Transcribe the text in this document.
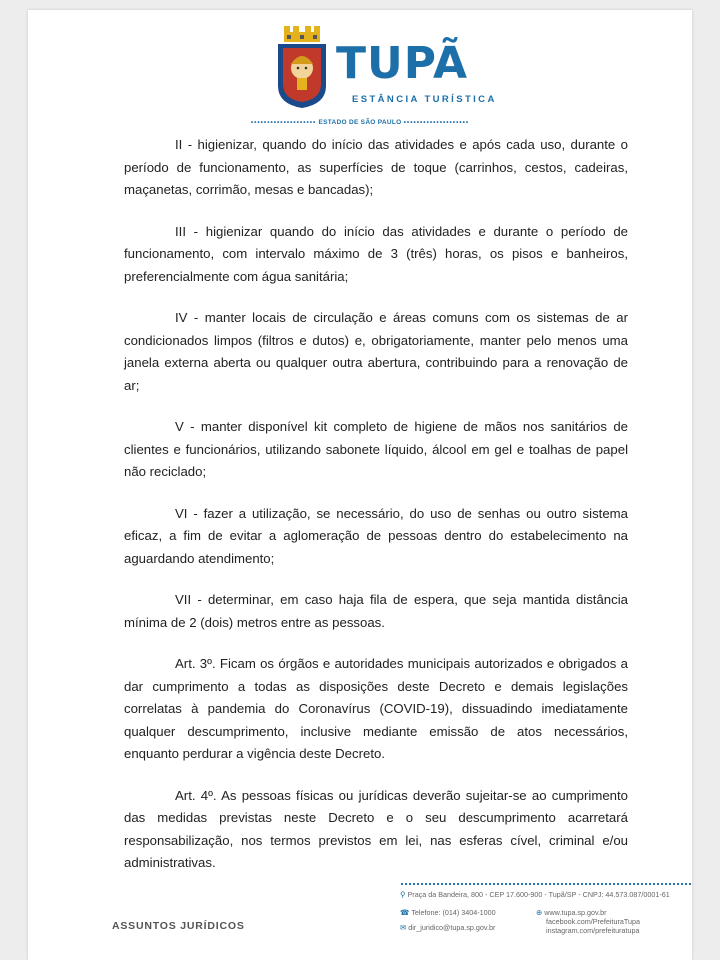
TUPÃ
ESTÂNCIA TURÍSTICA
•••••••••••••••••••• ESTADO DE SÃO PAULO ••••••••••••••••••••

II - higienizar, quando do início das atividades e após cada uso, durante o período de funcionamento, as superfícies de toque (carrinhos, cestos, cadeiras, maçanetas, corrimão, mesas e bancadas);

III - higienizar quando do início das atividades e durante o período de funcionamento, com intervalo máximo de 3 (três) horas, os pisos e banheiros, preferencialmente com água sanitária;

IV - manter locais de circulação e áreas comuns com os sistemas de ar condicionados limpos (filtros e dutos) e, obrigatoriamente, manter pelo menos uma janela externa aberta ou qualquer outra abertura, contribuindo para a renovação de ar;

V - manter disponível kit completo de higiene de mãos nos sanitários de clientes e funcionários, utilizando sabonete líquido, álcool em gel e toalhas de papel não reciclado;

VI - fazer a utilização, se necessário, do uso de senhas ou outro sistema eficaz, a fim de evitar a aglomeração de pessoas dentro do estabelecimento na aguardando atendimento;

VII - determinar, em caso haja fila de espera, que seja mantida distância mínima de 2 (dois) metros entre as pessoas.

Art. 3º. Ficam os órgãos e autoridades municipais autorizados e obrigados a dar cumprimento a todas as disposições deste Decreto e demais legislações correlatas à pandemia do Coronavírus (COVID-19), dissuadindo imediatamente qualquer descumprimento, inclusive mediante emissão de atos necessários, enquanto perdurar a vigência deste Decreto.

Art. 4º. As pessoas físicas ou jurídicas deverão sujeitar-se ao cumprimento das medidas previstas neste Decreto e o seu descumprimento acarretará responsabilização, nos termos previstos em lei, nas esferas cível, criminal e/ou administrativas.

ASSUNTOS JURÍDICOS
⚲ Praça da Bandeira, 800 - CEP 17.600-900 - Tupã/SP - CNPJ: 44.573.087/0001-61
☎ Telefone: (014) 3404-1000
✉ dir_juridico@tupa.sp.gov.br
⊕ www.tupa.sp.gov.br
facebook.com/PrefeituraTupa
instagram.com/prefeituratupa
